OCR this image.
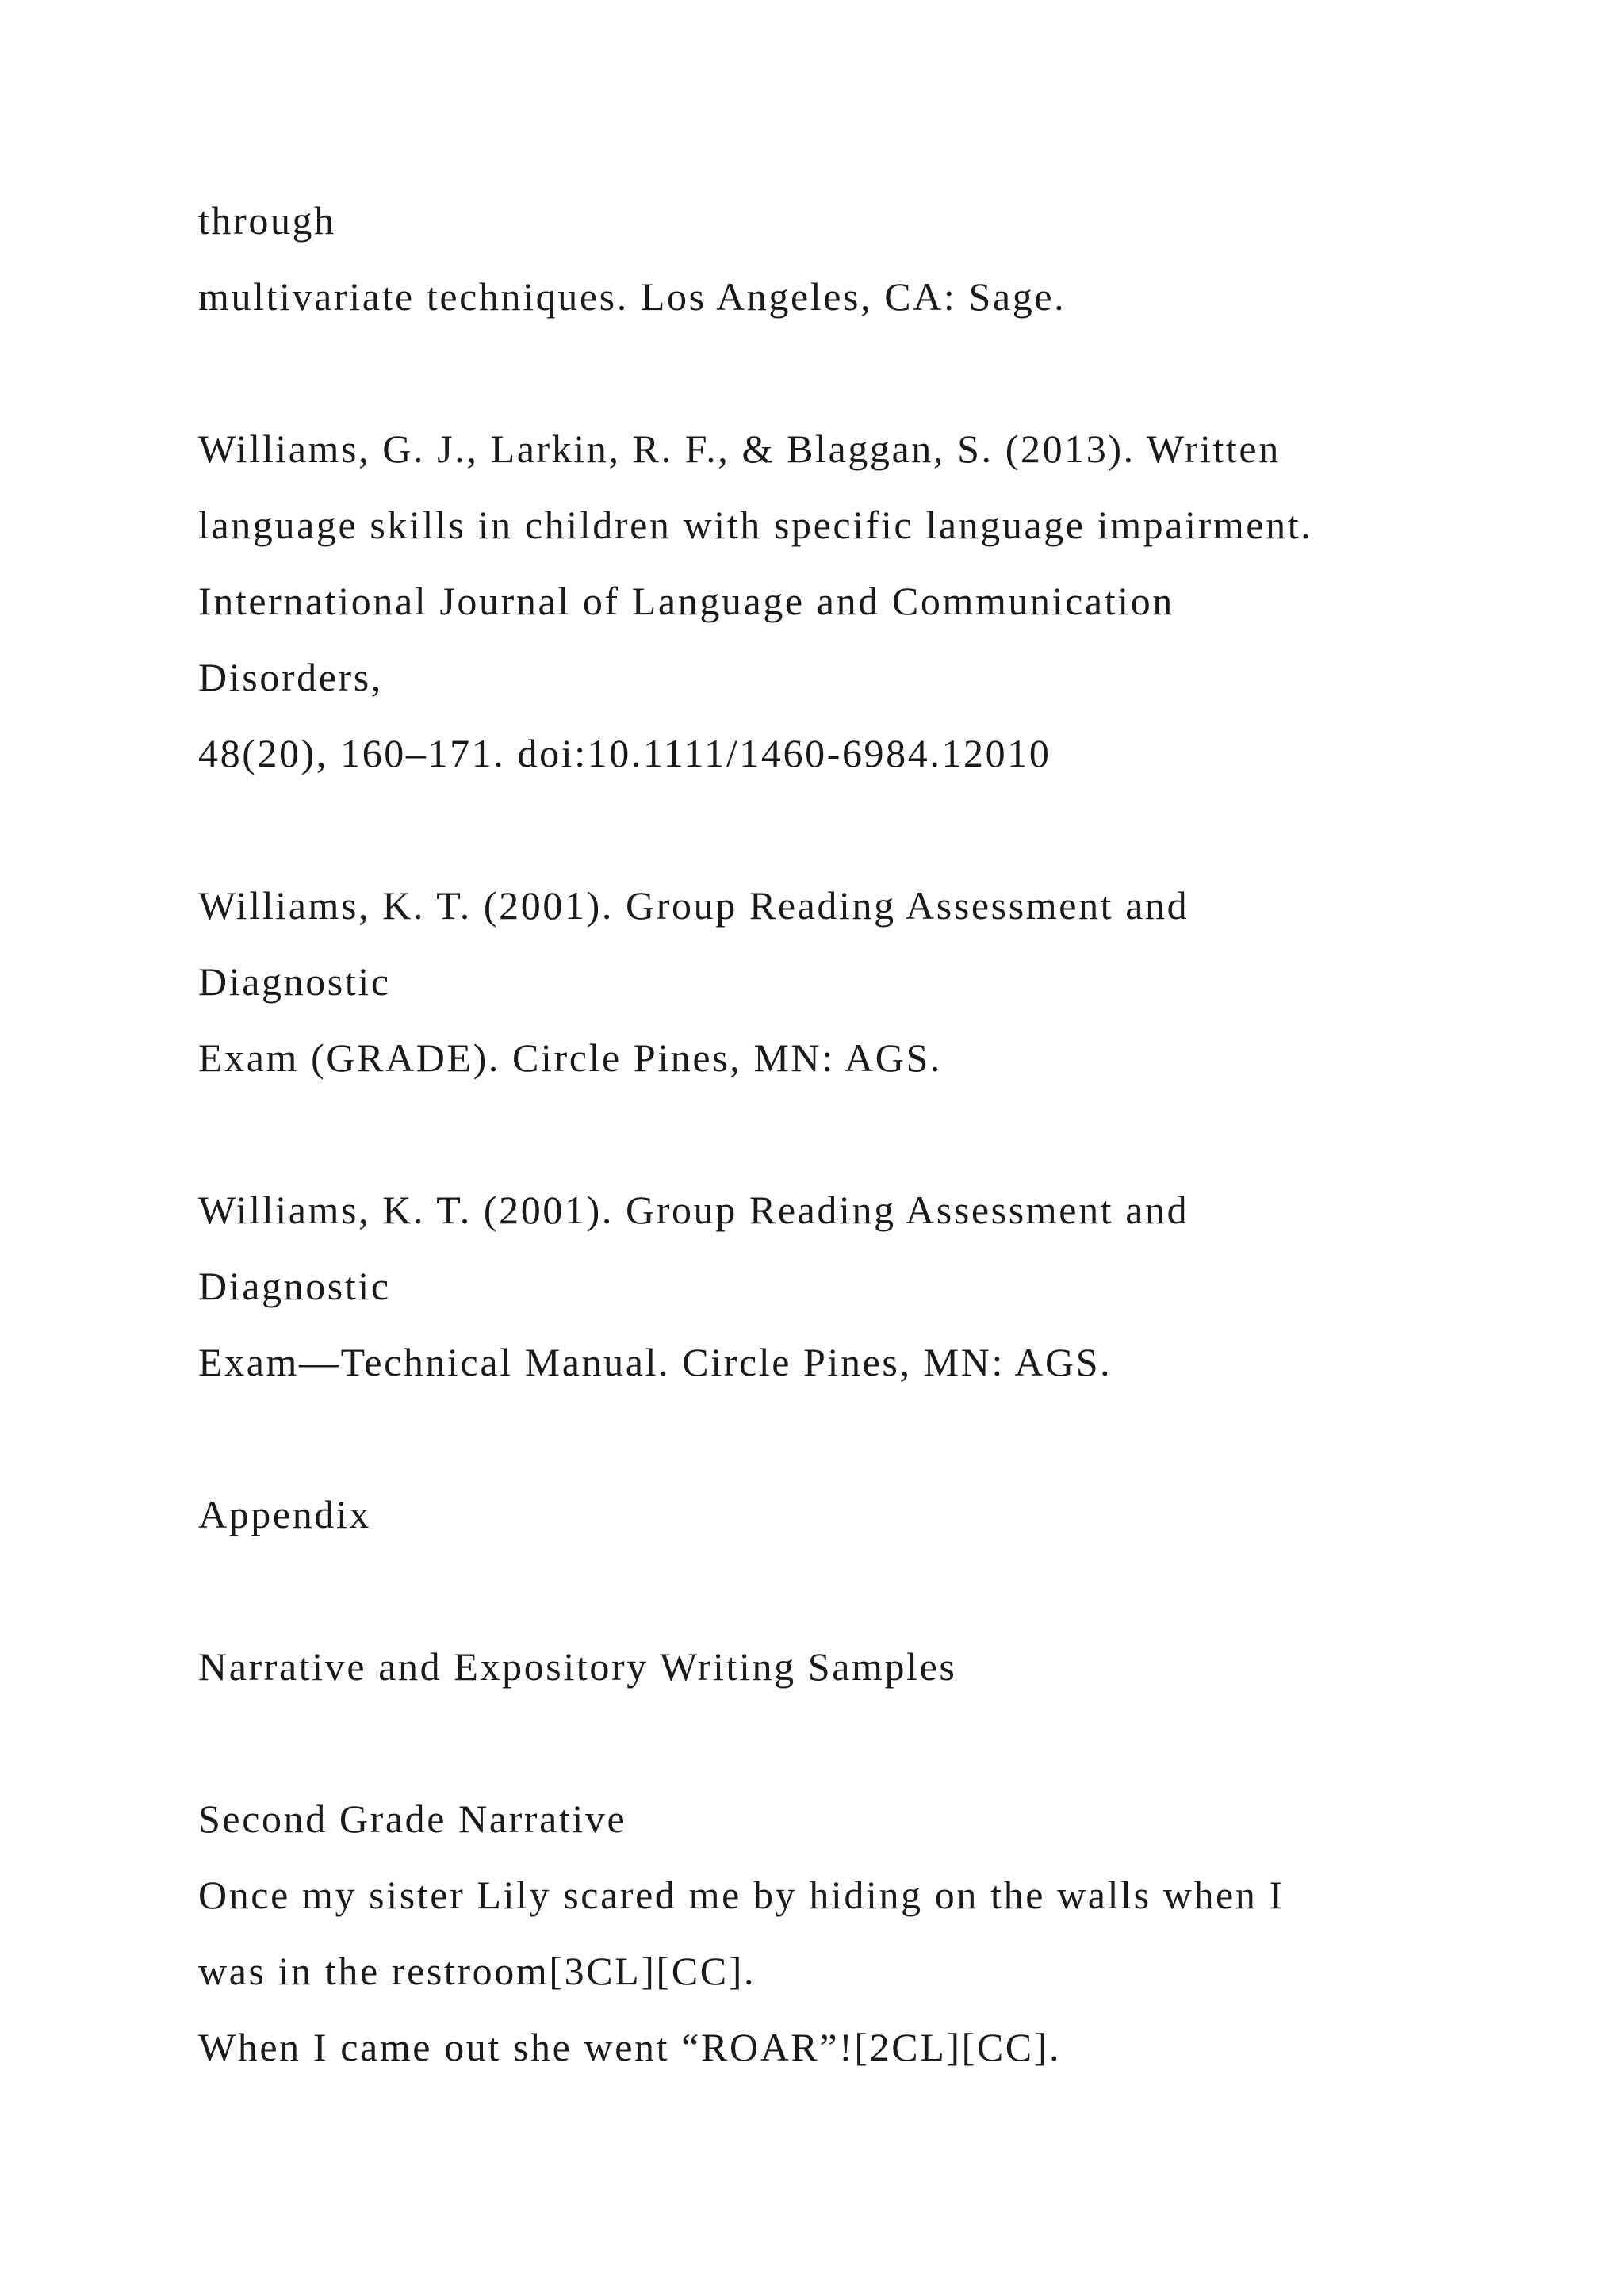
through

multivariate techniques. Los Angeles, CA: Sage.

Williams, G. J., Larkin, R. F., & Blaggan, S. (2013). Written

language skills in children with specific language impairment.

International Journal of Language and Communication

Disorders,

48(20), 160–171. doi:10.1111/1460-6984.12010

Williams, K. T. (2001). Group Reading Assessment and

Diagnostic

Exam (GRADE). Circle Pines, MN: AGS.

Williams, K. T. (2001). Group Reading Assessment and

Diagnostic

Exam—Technical Manual. Circle Pines, MN: AGS.

Appendix

Narrative and Expository Writing Samples

Second Grade Narrative

Once my sister Lily scared me by hiding on the walls when I

was in the restroom[3CL][CC].

When I came out she went “ROAR”![2CL][CC].
